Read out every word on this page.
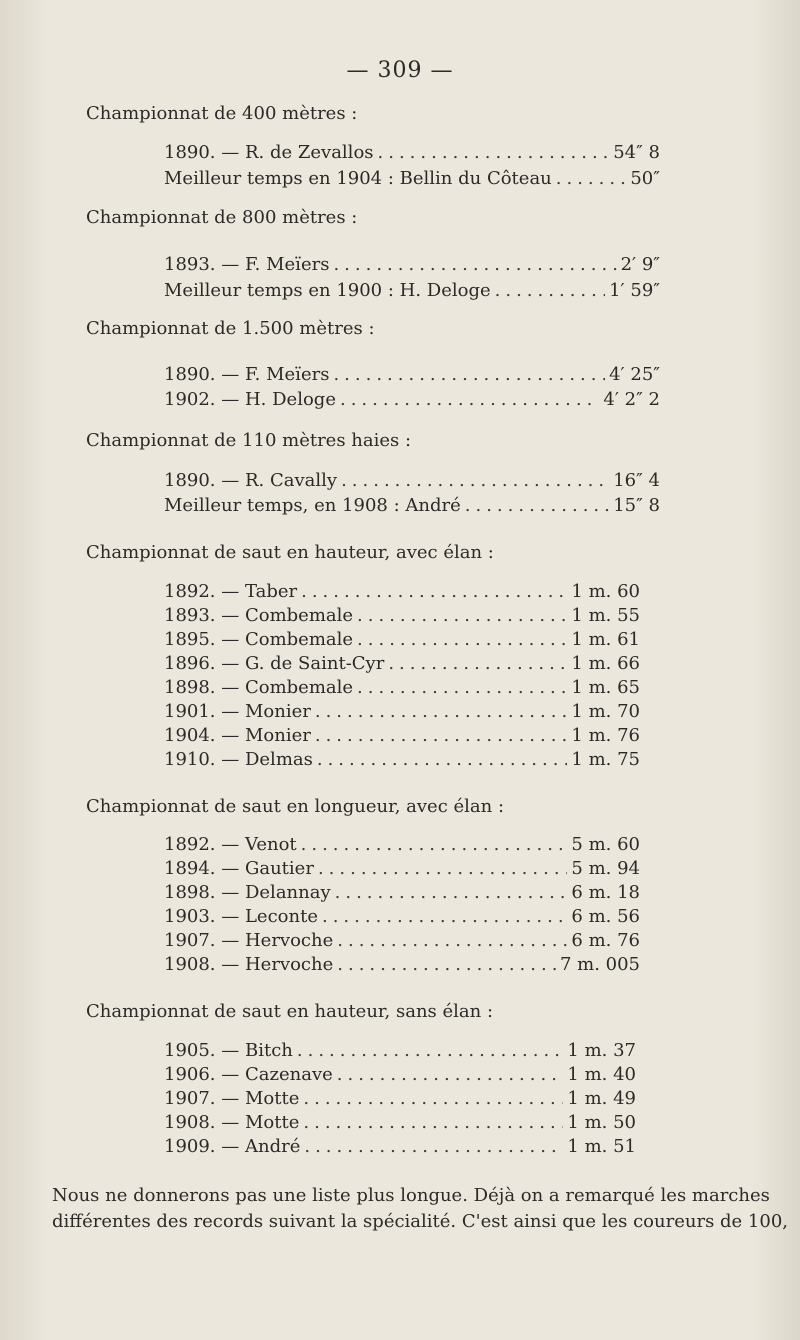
— 309 —
Championnat de 400 mètres :
1890. — R. de Zevallos .....	54″ 8
Meilleur temps en 1904 : Bellin du Côteau .....	50″
Championnat de 800 mètres :
1893. — F. Meïers .....	2′ 9″
Meilleur temps en 1900 : H. Deloge .....	1′ 59″
Championnat de 1.500 mètres :
1890. — F. Meïers .....	4′ 25″
1902. — H. Deloge .....	4′ 2″ 2
Championnat de 110 mètres haies :
1890. — R. Cavally .....	16″ 4
Meilleur temps, en 1908 : André .....	15″ 8
Championnat de saut en hauteur, avec élan :
1892. — Taber .....	1 m. 60
1893. — Combemale .....	1 m. 55
1895. — Combemale .....	1 m. 61
1896. — G. de Saint-Cyr .....	1 m. 66
1898. — Combemale .....	1 m. 65
1901. — Monier .....	1 m. 70
1904. — Monier .....	1 m. 76
1910. — Delmas .....	1 m. 75
Championnat de saut en longueur, avec élan :
1892. — Venot .....	5 m. 60
1894. — Gautier .....	5 m. 94
1898. — Delannay .....	6 m. 18
1903. — Leconte .....	6 m. 56
1907. — Hervoche .....	6 m. 76
1908. — Hervoche .....	7 m. 005
Championnat de saut en hauteur, sans élan :
1905. — Bitch .....	1 m. 37
1906. — Cazenave .....	1 m. 40
1907. — Motte .....	1 m. 49
1908. — Motte .....	1 m. 50
1909. — André .....	1 m. 51
Nous ne donnerons pas une liste plus longue. Déjà on a remarqué les marches
différentes des records suivant la spécialité. C'est ainsi que les coureurs de 100,
